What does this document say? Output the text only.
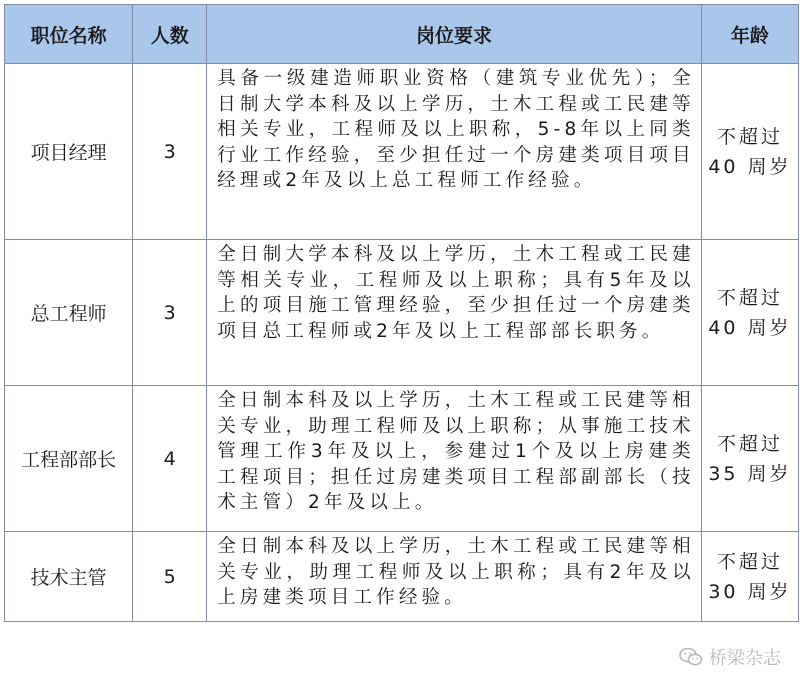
职位名称	人数	岗位要求	年龄
项目经理	3	具备一级建造师职业资格（建筑专业优先）；全日制大学本科及以上学历，土木工程或工民建等相关专业，工程师及以上职称，5-8年以上同类行业工作经验，至少担任过一个房建类项目项目经理或2年及以上总工程师工作经验。	不超过
40 周岁

总工程师	3	全日制大学本科及以上学历，土木工程或工民建等相关专业，工程师及以上职称；具有5年及以上的项目施工管理经验，至少担任过一个房建类项目总工程师或2年及以上工程部部长职务。	不超过
40 周岁

工程部部长	4	全日制本科及以上学历，土木工程或工民建等相关专业，助理工程师及以上职称；从事施工技术管理工作3年及以上，参建过1个及以上房建类工程项目；担任过房建类项目工程部副部长（技术主管）2年及以上。	不超过
35 周岁

技术主管	5	全日制本科及以上学历，土木工程或工民建等相关专业，助理工程师及以上职称；具有2年及以上房建类项目工作经验。	不超过
30 周岁
桥梁杂志
